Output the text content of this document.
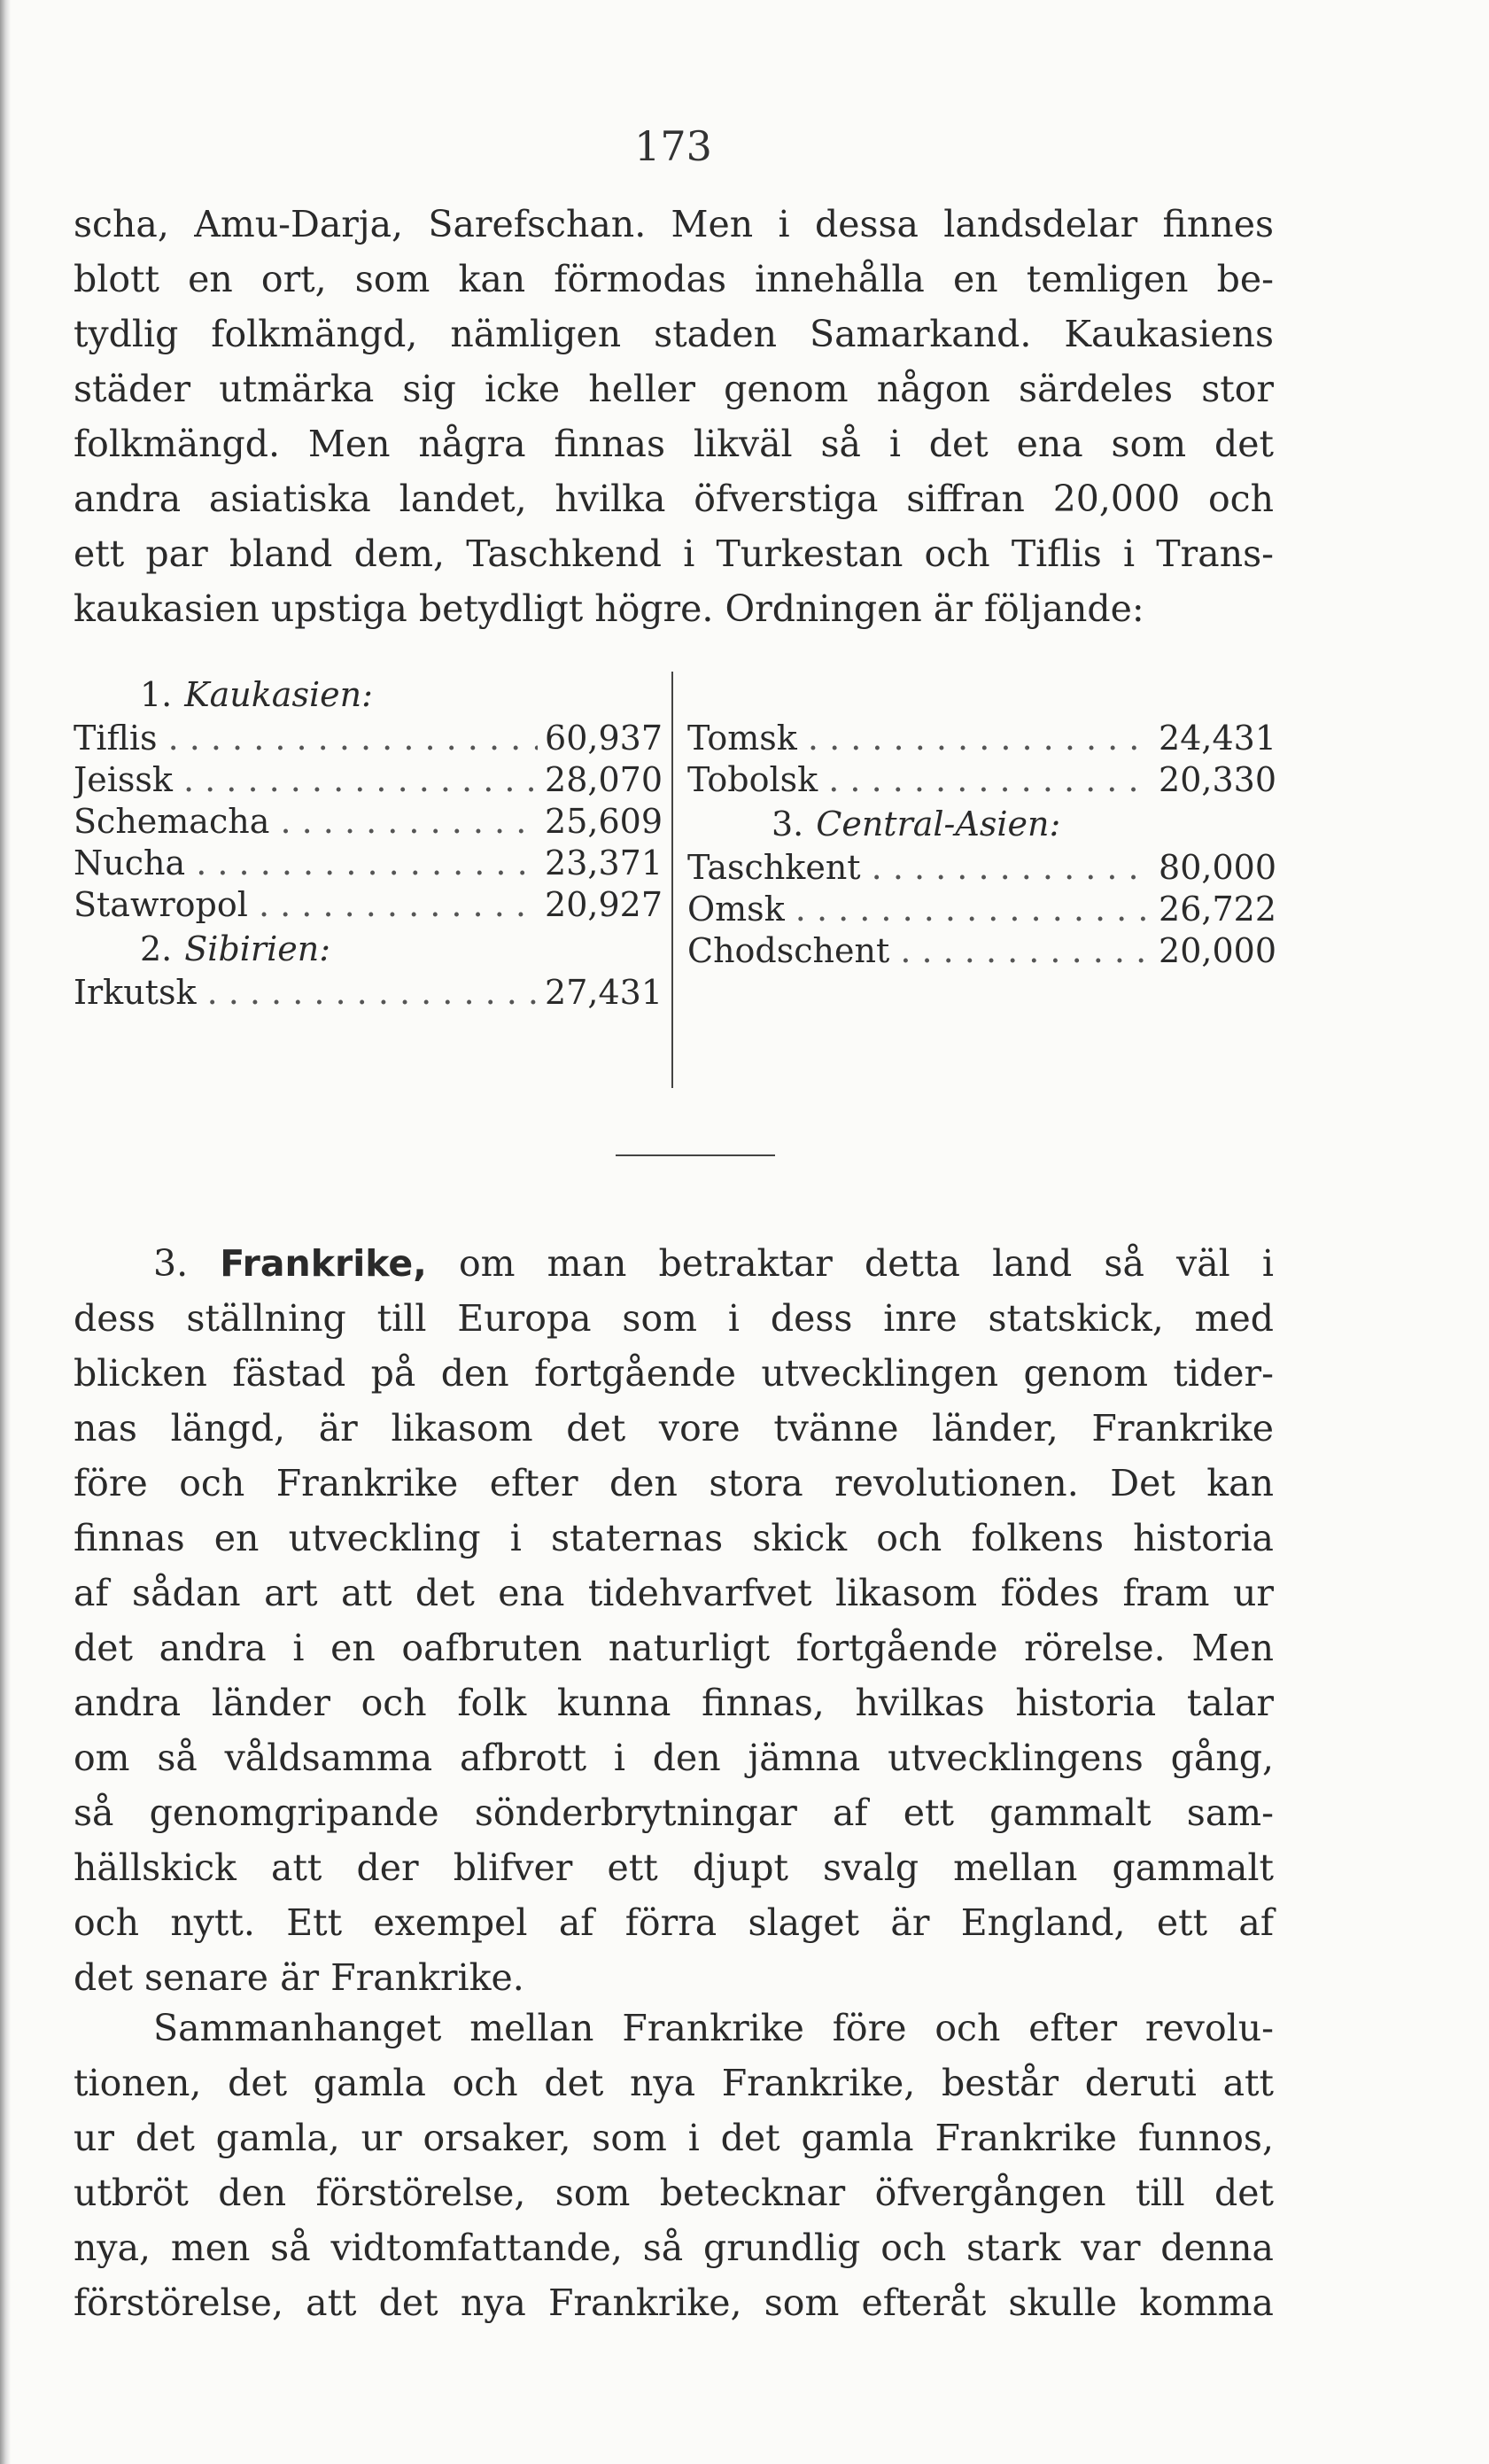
173
scha, Amu-Darja, Sarefschan. Men i dessa landsdelar finnes
blott en ort, som kan förmodas innehålla en temligen be-
tydlig folkmängd, nämligen staden Samarkand. Kaukasiens
städer utmärka sig icke heller genom någon särdeles stor
folkmängd. Men några finnas likväl så i det ena som det
andra asiatiska landet, hvilka öfverstiga siffran 20,000 och
ett par bland dem, Taschkend i Turkestan och Tiflis i Trans-
kaukasien upstiga betydligt högre. Ordningen är följande:
1. Kaukasien:
Tiflis . . .	60,937
Jeissk . . .	28,070
Schemacha . . .	25,609
Nucha . . .	23,371
Stawropol . . .	20,927
2. Sibirien:
Irkutsk . . .	27,431
Tomsk . . .	24,431
Tobolsk . . .	20,330
3. Central-Asien:
Taschkent . . .	80,000
Omsk . . .	26,722
Chodschent . . .	20,000
3. Frankrike, om man betraktar detta land så väl i
dess ställning till Europa som i dess inre statskick, med
blicken fästad på den fortgående utvecklingen genom tider-
nas längd, är likasom det vore tvänne länder, Frankrike
före och Frankrike efter den stora revolutionen. Det kan
finnas en utveckling i staternas skick och folkens historia
af sådan art att det ena tidehvarfvet likasom födes fram ur
det andra i en oafbruten naturligt fortgående rörelse. Men
andra länder och folk kunna finnas, hvilkas historia talar
om så våldsamma afbrott i den jämna utvecklingens gång,
så genomgripande sönderbrytningar af ett gammalt sam-
hällskick att der blifver ett djupt svalg mellan gammalt
och nytt. Ett exempel af förra slaget är England, ett af
det senare är Frankrike.
Sammanhanget mellan Frankrike före och efter revolu-
tionen, det gamla och det nya Frankrike, består deruti att
ur det gamla, ur orsaker, som i det gamla Frankrike funnos,
utbröt den förstörelse, som betecknar öfvergången till det
nya, men så vidtomfattande, så grundlig och stark var denna
förstörelse, att det nya Frankrike, som efteråt skulle komma
